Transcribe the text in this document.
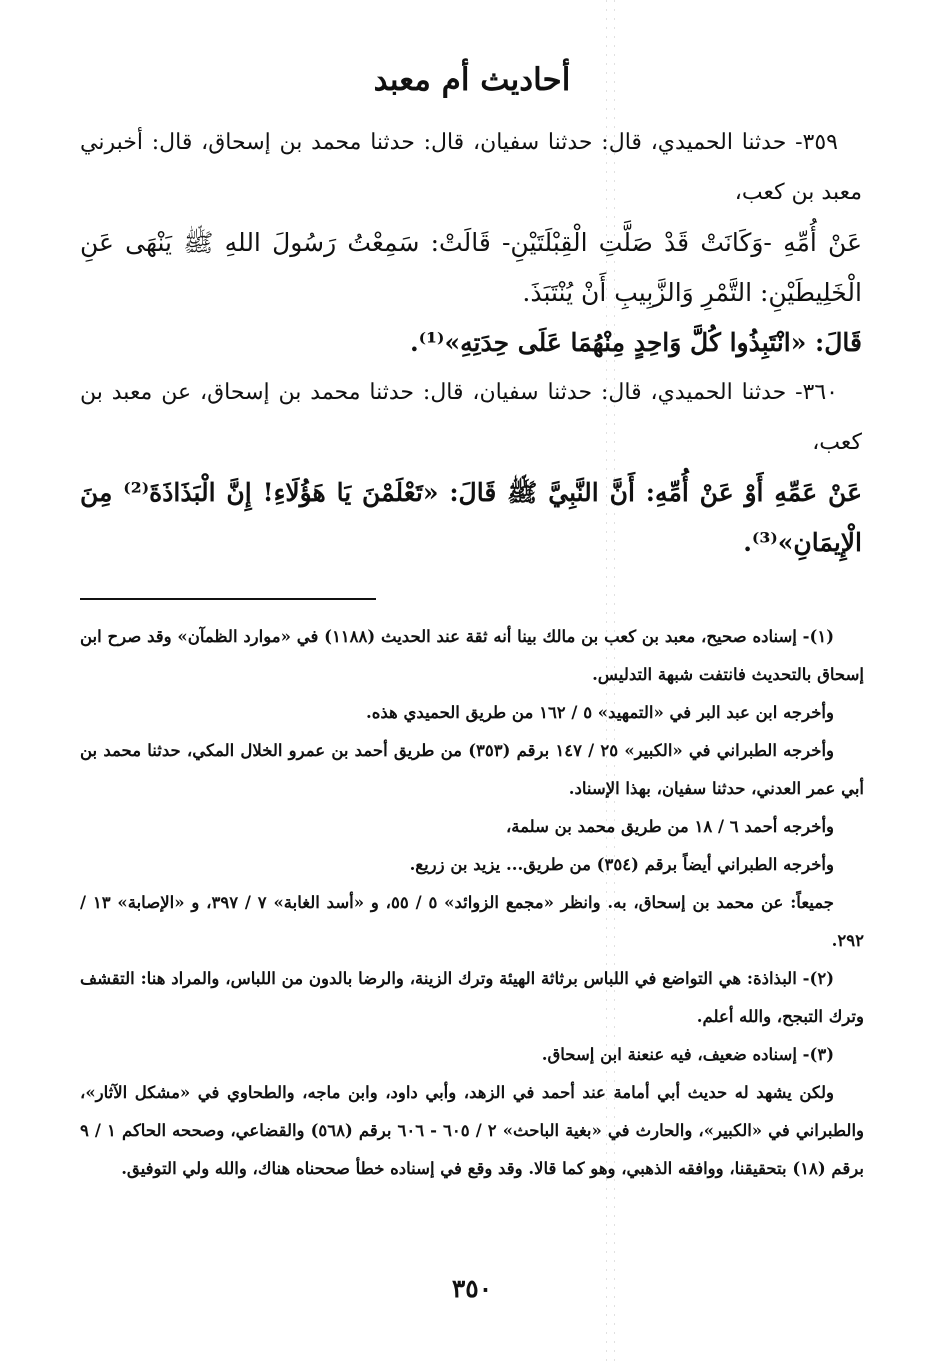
أحاديث أم معبد

٣٥٩- حدثنا الحميدي، قال: حدثنا سفيان، قال: حدثنا محمد بن إسحاق، قال: أخبرني معبد بن كعب،

عَنْ أُمِّهِ -وَكَانَتْ قَدْ صَلَّتِ الْقِبْلَتَيْنِ- قَالَتْ: سَمِعْتُ رَسُولَ اللهِ ﷺ يَنْهَى عَنِ الْخَلِيطَيْنِ: التَّمْرِ وَالزَّبِيبِ أَنْ يُنْتَبَذَ.

قَالَ: «انْتَبِذُوا كُلَّ وَاحِدٍ مِنْهُمَا عَلَى حِدَتِهِ»⁽¹⁾.

٣٦٠- حدثنا الحميدي، قال: حدثنا سفيان، قال: حدثنا محمد بن إسحاق، عن معبد بن كعب،

عَنْ عَمِّهِ أَوْ عَنْ أُمِّهِ: أَنَّ النَّبِيَّ ﷺ قَالَ: «تَعْلَمْنَ يَا هَؤُلَاءِ! إِنَّ الْبَذَاذَةَ⁽²⁾ مِنَ الْإِيمَانِ»⁽³⁾.

(١)- إسناده صحيح، معبد بن كعب بن مالك بينا أنه ثقة عند الحديث (١١٨٨) في «موارد الظمآن» وقد صرح ابن إسحاق بالتحديث فانتفت شبهة التدليس.

وأخرجه ابن عبد البر في «التمهيد» ٥ / ١٦٢ من طريق الحميدي هذه.

وأخرجه الطبراني في «الكبير» ٢٥ / ١٤٧ برقم (٣٥٣) من طريق أحمد بن عمرو الخلال المكي، حدثنا محمد بن أبي عمر العدني، حدثنا سفيان، بهذا الإسناد.

وأخرجه أحمد ٦ / ١٨ من طريق محمد بن سلمة،

وأخرجه الطبراني أيضاً برقم (٣٥٤) من طريق... يزيد بن زريع.

جميعاً: عن محمد بن إسحاق، به. وانظر «مجمع الزوائد» ٥ / ٥٥، و «أسد الغابة» ٧ / ٣٩٧، و «الإصابة» ١٣ / ٢٩٢.

(٢)- البذاذة: هي التواضع في اللباس برثاثة الهيئة وترك الزينة، والرضا بالدون من اللباس، والمراد هنا: التقشف وترك التبجح، والله أعلم.

(٣)- إسناده ضعيف، فيه عنعنة ابن إسحاق.

ولكن يشهد له حديث أبي أمامة عند أحمد في الزهد، وأبي داود، وابن ماجه، والطحاوي في «مشكل الآثار»، والطبراني في «الكبير»، والحارث في «بغية الباحث» ٢ / ٦٠٥ - ٦٠٦ برقم (٥٦٨) والقضاعي، وصححه الحاكم ١ / ٩ برقم (١٨) بتحقيقنا، ووافقه الذهبي، وهو كما قالا. وقد وقع في إسناده خطأ صححناه هناك، والله ولي التوفيق.

٣٥٠
